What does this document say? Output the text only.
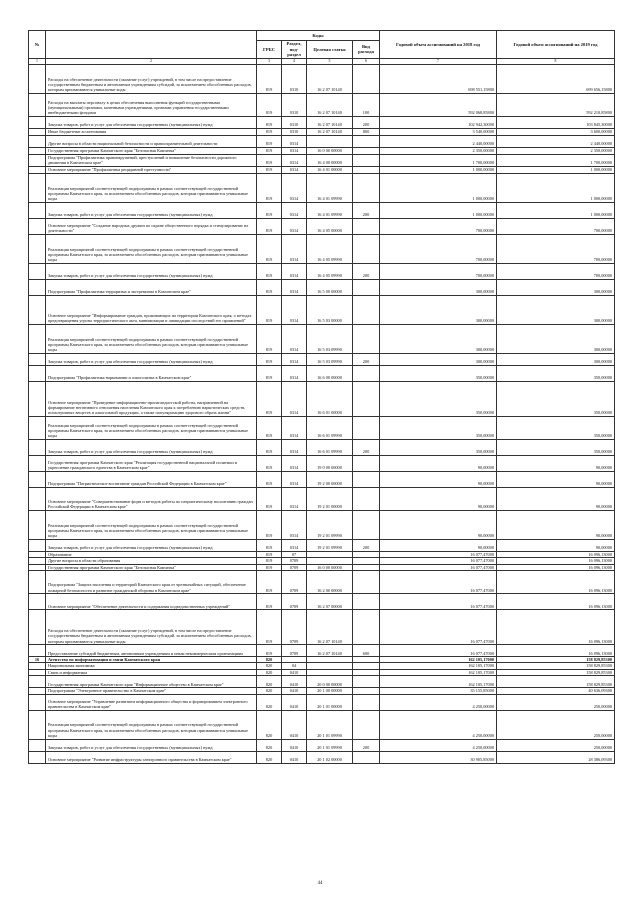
№		Коды				Годовой объем ассигнований на 2018 год	Годовой объем ассигнований на 2019 год
		ГРБС	Раздел, под-раздел	Целевая статья	Вид расхода		
1	2	3	4	5	6	7	8
	Расходы на обеспечение деятельности (оказание услуг) учреждений, в том числе на предоставление государственным бюджетным и автономным учреждениям субсидий, за исключением обособленных расходов, которым присваиваются уникальные коды	819	0310	16 2 07 10140		698 551,15800	699 656,15800
	Расходы на выплаты персоналу в целях обеспечения выполнения функций государственными (муниципальными) органами, казенными учреждениями, органами управления государственными внебюджетными фондами	819	0310	16 2 07 10140	100	592 068,85800	592 210,85800
	Закупка товаров, работ и услуг для обеспечения государственных (муниципальных) нужд	819	0310	16 2 07 10140	200	102 942,30000	103 845,30000
	Иные бюджетные ассигнования	819	0310	16 2 07 10140	800	3 540,00000	3 600,00000
	Другие вопросы в области национальной безопасности и правоохранительной деятельности	819	0314			2 440,00000	2 440,00000
	Государственная программа Камчатского края "Безопасная Камчатка"	819	0314	16 0 00 00000		2 350,00000	2 350,00000
	Подпрограмма "Профилактика правонарушений, преступлений и повышение безопасности дорожного движения в Камчатском крае"	819	0314	16 4 00 00000		1 700,00000	1 700,00000
	Основное мероприятие "Профилактика рецидивной преступности"	819	0314	16 4 01 00000		1 000,00000	1 000,00000
	Реализация мероприятий соответствующей подпрограммы в рамках соответствующей государственной программы Камчатского края, за исключением обособленных расходов, которым присваиваются уникальные коды	819	0314	16 4 01 09990		1 000,00000	1 000,00000
	Закупка товаров, работ и услуг для обеспечения государственных (муниципальных) нужд	819	0314	16 4 01 09990	200	1 000,00000	1 000,00000
	Основное мероприятие "Создание народных дружин по охране общественного порядка и стимулирование их деятельности"	819	0314	16 4 05 00000		700,00000	700,00000
	Реализация мероприятий соответствующей подпрограммы в рамках соответствующей государственной программы Камчатского края, за исключением обособленных расходов, которым присваиваются уникальные коды	819	0314	16 4 05 09990		700,00000	700,00000
	Закупка товаров, работ и услуг для обеспечения государственных (муниципальных) нужд	819	0314	16 4 05 09990	200	700,00000	700,00000
	Подпрограмма "Профилактика терроризма и экстремизма в Камчатском крае"	819	0314	16 5 00 00000		300,00000	300,00000
	Основное мероприятие "Информирование граждан, проживающих на территории Камчатского края, о методах предотвращения угрозы террористического акта, минимизации и ликвидации последствий его проявлений"	819	0314	16 5 03 00000		300,00000	300,00000
	Реализация мероприятий соответствующей подпрограммы в рамках соответствующей государственной программы Камчатского края, за исключением обособленных расходов, которым присваиваются уникальные коды	819	0314	16 5 03 09990		300,00000	300,00000
	Закупка товаров, работ и услуг для обеспечения государственных (муниципальных) нужд	819	0314	16 5 03 09990	200	300,00000	300,00000
	Подпрограмма "Профилактика наркомании и алкоголизма в Камчатском крае"	819	0314	16 6 00 00000		350,00000	350,00000
	Основное мероприятие "Проведение информационно-пропагандистской работы, направленной на формирование негативного отношения населения Камчатского края к потреблению наркотических средств, психотропных веществ и алкогольной продукции, а также популяризацию здорового образа жизни"	819	0314	16 6 01 00000		350,00000	350,00000
	Реализация мероприятий соответствующей подпрограммы в рамках соответствующей государственной программы Камчатского края, за исключением обособленных расходов, которым присваиваются уникальные коды	819	0314	16 6 01 09990		350,00000	350,00000
	Закупка товаров, работ и услуг для обеспечения государственных (муниципальных) нужд	819	0314	16 6 01 09990	200	350,00000	350,00000
	Государственная программа Камчатского края "Реализация государственной национальной политики и укрепление гражданского единства в Камчатском крае"	819	0314	19 0 00 00000		90,00000	90,00000
	Подпрограмма "Патриотическое воспитание граждан Российской Федерации в Камчатском крае"	819	0314	19 2 00 00000		90,00000	90,00000
	Основное мероприятие "Совершенствование форм и методов работы по патриотическому воспитанию граждан Российской Федерации в Камчатском крае"	819	0314	19 2 01 00000		90,00000	90,00000
	Реализация мероприятий соответствующей подпрограммы в рамках соответствующей государственной программы Камчатского края, за исключением обособленных расходов, которым присваиваются уникальные коды	819	0314	19 2 01 09990		90,00000	90,00000
	Закупка товаров, работ и услуг для обеспечения государственных (муниципальных) нужд	819	0314	19 2 01 09990	200	90,00000	90,00000
	Образование	819	07			16 077,47000	16 096,13000
	Другие вопросы в области образования	819	0709			16 077,47000	16 096,13000
	Государственная программа Камчатского края "Безопасная Камчатка"	819	0709	16 0 00 00000		16 077,47000	16 096,13000
	Подпрограмма "Защита населения и территорий Камчатского края от чрезвычайных ситуаций, обеспечение пожарной безопасности и развитие гражданской обороны в Камчатском крае"	819	0709	16 2 00 00000		16 077,47000	16 096,13000
	Основное мероприятие "Обеспечение деятельности и содержания подведомственных учреждений"	819	0709	16 2 07 00000		16 077,47000	16 096,13000
	Расходы на обеспечение деятельности (оказание услуг) учреждений, в том числе на предоставление государственным бюджетным и автономным учреждениям субсидий, за исключением обособленных расходов, которым присваиваются уникальные коды	819	0709	16 2 07 10140		16 077,47000	16 096,13000
	Предоставление субсидий бюджетным, автономным учреждениям и иным некоммерческим организациям	819	0709	16 2 07 10140	600	16 077,47000	16 096,13000
16	Агентство по информатизации и связи Камчатского края	820				162 105,17000	158 829,85300
	Национальная экономика	820	04			162 105,17000	158 829,85300
	Связь и информатика	820	0410			162 105,17000	158 829,85300
	Государственная программа Камчатского края "Информационное общество в Камчатском крае"	820	0410	20 0 00 00000		162 105,17000	158 829,85300
	Подпрограмма "Электронное правительство в Камчатском крае"	820	0410	20 1 00 00000		35 155,85000	40 636,09300
	Основное мероприятие "Управление развитием информационного общества и формированием электронного правительства в Камчатском крае"	820	0410	20 1 01 00000		4 250,00000	250,00000
	Реализация мероприятий соответствующей подпрограммы в рамках соответствующей государственной программы Камчатского края, за исключением обособленных расходов, которым присваиваются уникальные коды	820	0410	20 1 01 09990		4 250,00000	250,00000
	Закупка товаров, работ и услуг для обеспечения государственных (муниципальных) нужд	820	0410	20 1 01 09990	200	4 250,00000	250,00000
	Основное мероприятие "Развитие инфраструктуры электронного правительства в Камчатском крае"	820	0410	20 1 02 00000		30 905,85000	28 386,09300
44
